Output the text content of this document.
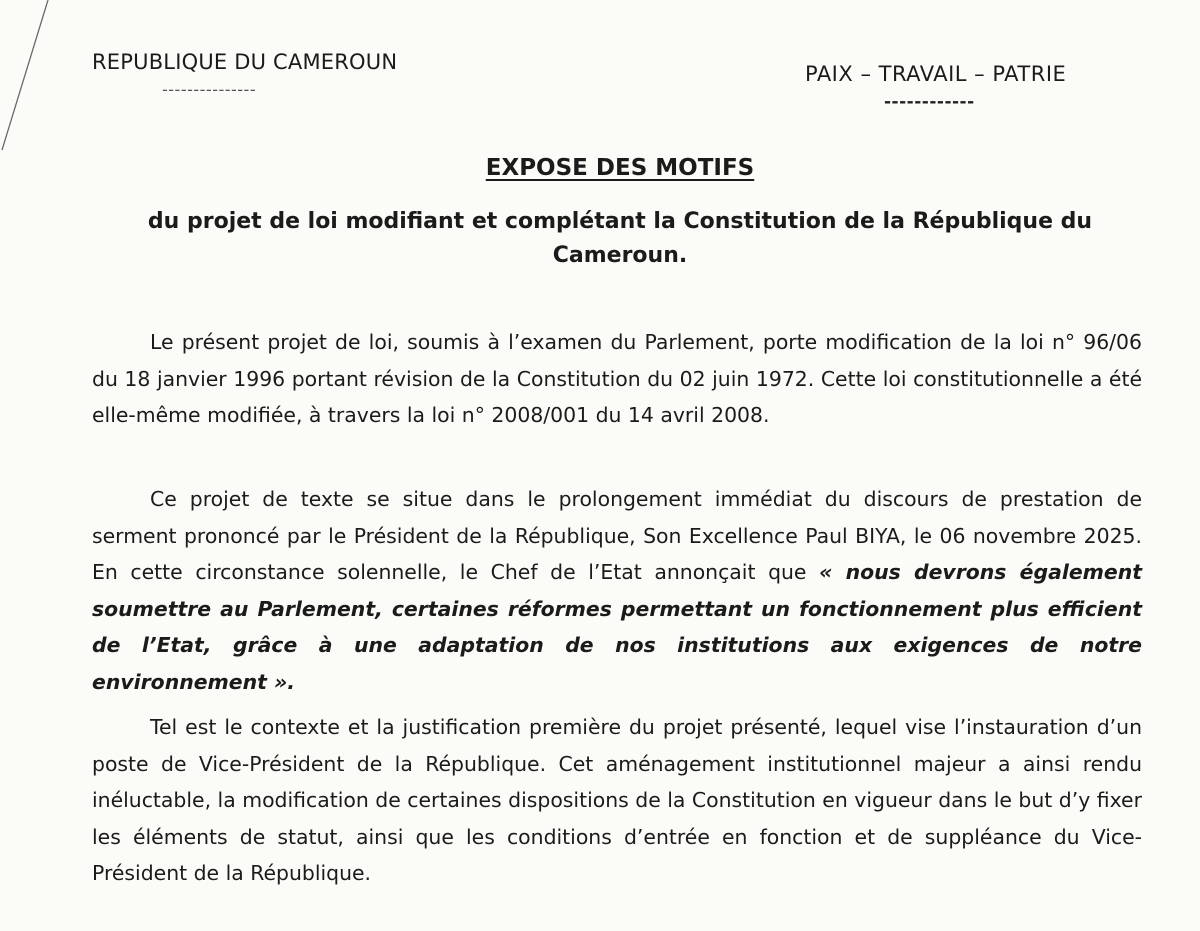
REPUBLIQUE DU CAMEROUN
---------------
PAIX – TRAVAIL – PATRIE
------------
EXPOSE DES MOTIFS
du projet de loi modifiant et complétant la Constitution de la République du Cameroun.

Le présent projet de loi, soumis à l’examen du Parlement, porte modification de la loi n° 96/06 du 18 janvier 1996 portant révision de la Constitution du 02 juin 1972. Cette loi constitutionnelle a été elle-même modifiée, à travers la loi n° 2008/001 du 14 avril 2008.

Ce projet de texte se situe dans le prolongement immédiat du discours de prestation de serment prononcé par le Président de la République, Son Excellence Paul BIYA, le 06 novembre 2025. En cette circonstance solennelle, le Chef de l’Etat annonçait que « nous devrons également soumettre au Parlement, certaines réformes permettant un fonctionnement plus efficient de l’Etat, grâce à une adaptation de nos institutions aux exigences de notre environnement ».

Tel est le contexte et la justification première du projet présenté, lequel vise l’instauration d’un poste de Vice-Président de la République. Cet aménagement institutionnel majeur a ainsi rendu inéluctable, la modification de certaines dispositions de la Constitution en vigueur dans le but d’y fixer les éléments de statut, ainsi que les conditions d’entrée en fonction et de suppléance du Vice-Président de la République.
